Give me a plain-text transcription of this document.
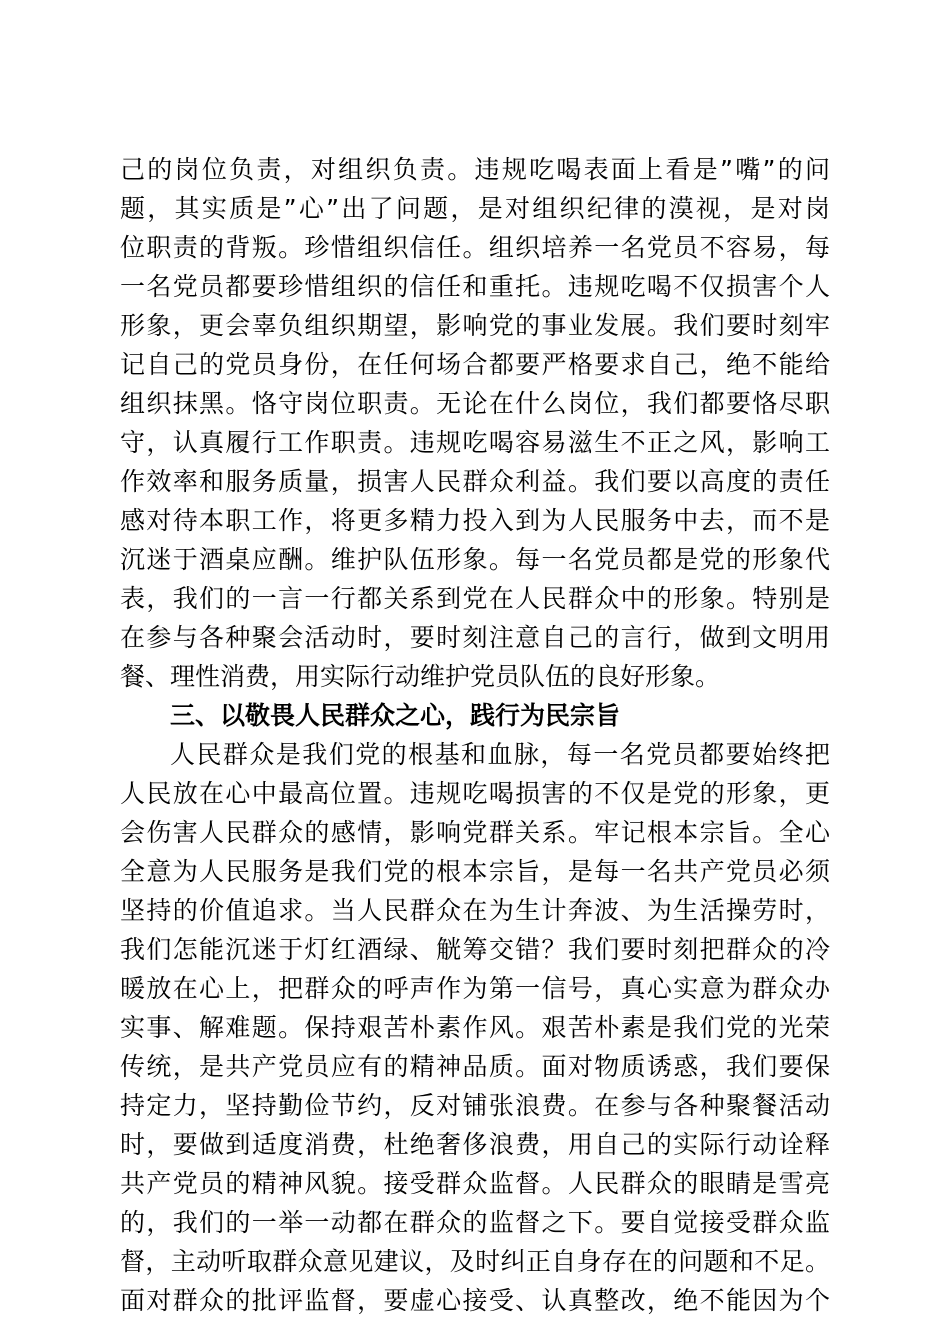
己的岗位负责，对组织负责。违规吃喝表面上看是”嘴”的问
题，其实质是”心”出了问题，是对组织纪律的漠视，是对岗
位职责的背叛。珍惜组织信任。组织培养一名党员不容易，每
一名党员都要珍惜组织的信任和重托。违规吃喝不仅损害个人
形象，更会辜负组织期望，影响党的事业发展。我们要时刻牢
记自己的党员身份，在任何场合都要严格要求自己，绝不能给
组织抹黑。恪守岗位职责。无论在什么岗位，我们都要恪尽职
守，认真履行工作职责。违规吃喝容易滋生不正之风，影响工
作效率和服务质量，损害人民群众利益。我们要以高度的责任
感对待本职工作，将更多精力投入到为人民服务中去，而不是
沉迷于酒桌应酬。维护队伍形象。每一名党员都是党的形象代
表，我们的一言一行都关系到党在人民群众中的形象。特别是
在参与各种聚会活动时，要时刻注意自己的言行，做到文明用
餐、理性消费，用实际行动维护党员队伍的良好形象。
三、以敬畏人民群众之心，践行为民宗旨
人民群众是我们党的根基和血脉，每一名党员都要始终把
人民放在心中最高位置。违规吃喝损害的不仅是党的形象，更
会伤害人民群众的感情，影响党群关系。牢记根本宗旨。全心
全意为人民服务是我们党的根本宗旨，是每一名共产党员必须
坚持的价值追求。当人民群众在为生计奔波、为生活操劳时，
我们怎能沉迷于灯红酒绿、觥筹交错？我们要时刻把群众的冷
暖放在心上，把群众的呼声作为第一信号，真心实意为群众办
实事、解难题。保持艰苦朴素作风。艰苦朴素是我们党的光荣
传统，是共产党员应有的精神品质。面对物质诱惑，我们要保
持定力，坚持勤俭节约，反对铺张浪费。在参与各种聚餐活动
时，要做到适度消费，杜绝奢侈浪费，用自己的实际行动诠释
共产党员的精神风貌。接受群众监督。人民群众的眼睛是雪亮
的，我们的一举一动都在群众的监督之下。要自觉接受群众监
督，主动听取群众意见建议，及时纠正自身存在的问题和不足。
面对群众的批评监督，要虚心接受、认真整改，绝不能因为个
